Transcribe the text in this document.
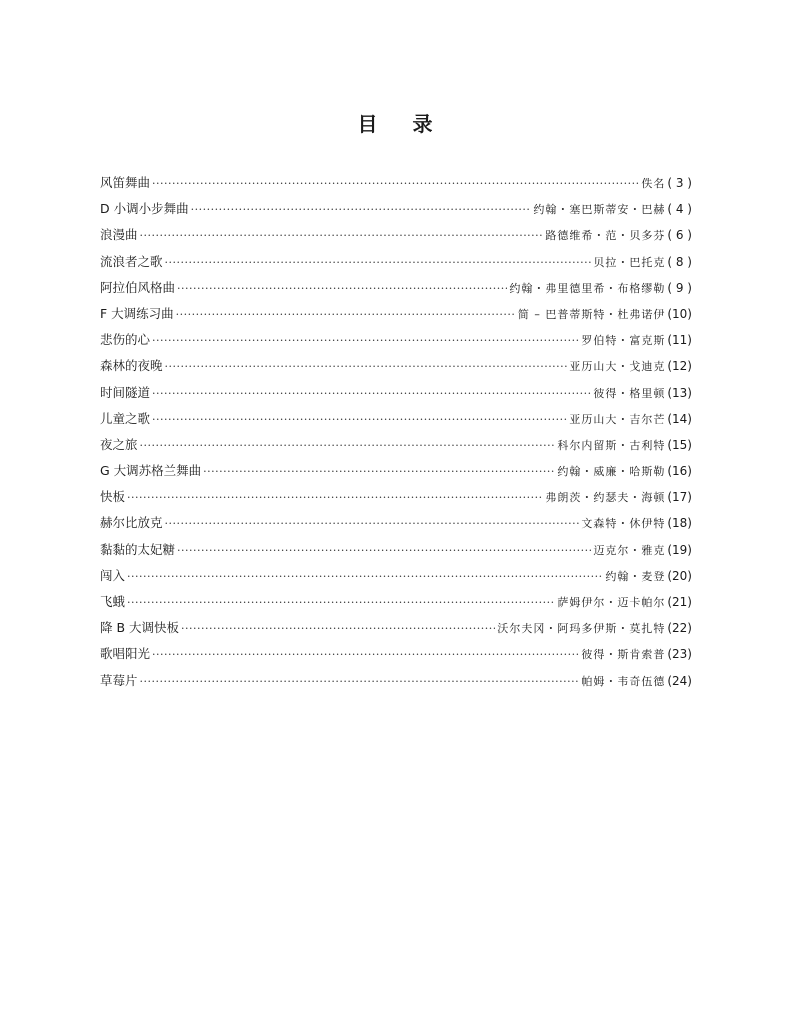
目 录
风笛舞曲 ·····	佚名 ( 3 )
D 小调小步舞曲 ·····	约翰・塞巴斯蒂安・巴赫 ( 4 )
浪漫曲 ·····	路德维希・范・贝多芬 ( 6 )
流浪者之歌 ·····	贝拉・巴托克 ( 8 )
阿拉伯风格曲 ·····	约翰・弗里德里希・布格缪勒 ( 9 )
F 大调练习曲 ·····	简 – 巴普蒂斯特・杜弗诺伊 (10)
悲伤的心 ·····	罗伯特・富克斯 (11)
森林的夜晚 ·····	亚历山大・戈迪克 (12)
时间隧道 ·····	彼得・格里顿 (13)
儿童之歌 ·····	亚历山大・吉尔芒 (14)
夜之旅 ·····	科尔内留斯・古利特 (15)
G 大调苏格兰舞曲 ·····	约翰・威廉・哈斯勒 (16)
快板 ·····	弗朗茨・约瑟夫・海顿 (17)
赫尔比放克 ·····	文森特・休伊特 (18)
黏黏的太妃糖 ·····	迈克尔・雅克 (19)
闯入 ·····	约翰・麦登 (20)
飞蛾 ·····	萨姆伊尔・迈卡帕尔 (21)
降 B 大调快板 ·····	沃尔夫冈・阿玛多伊斯・莫扎特 (22)
歌唱阳光 ·····	彼得・斯肯索普 (23)
草莓片 ·····	帕姆・韦奇伍德 (24)
